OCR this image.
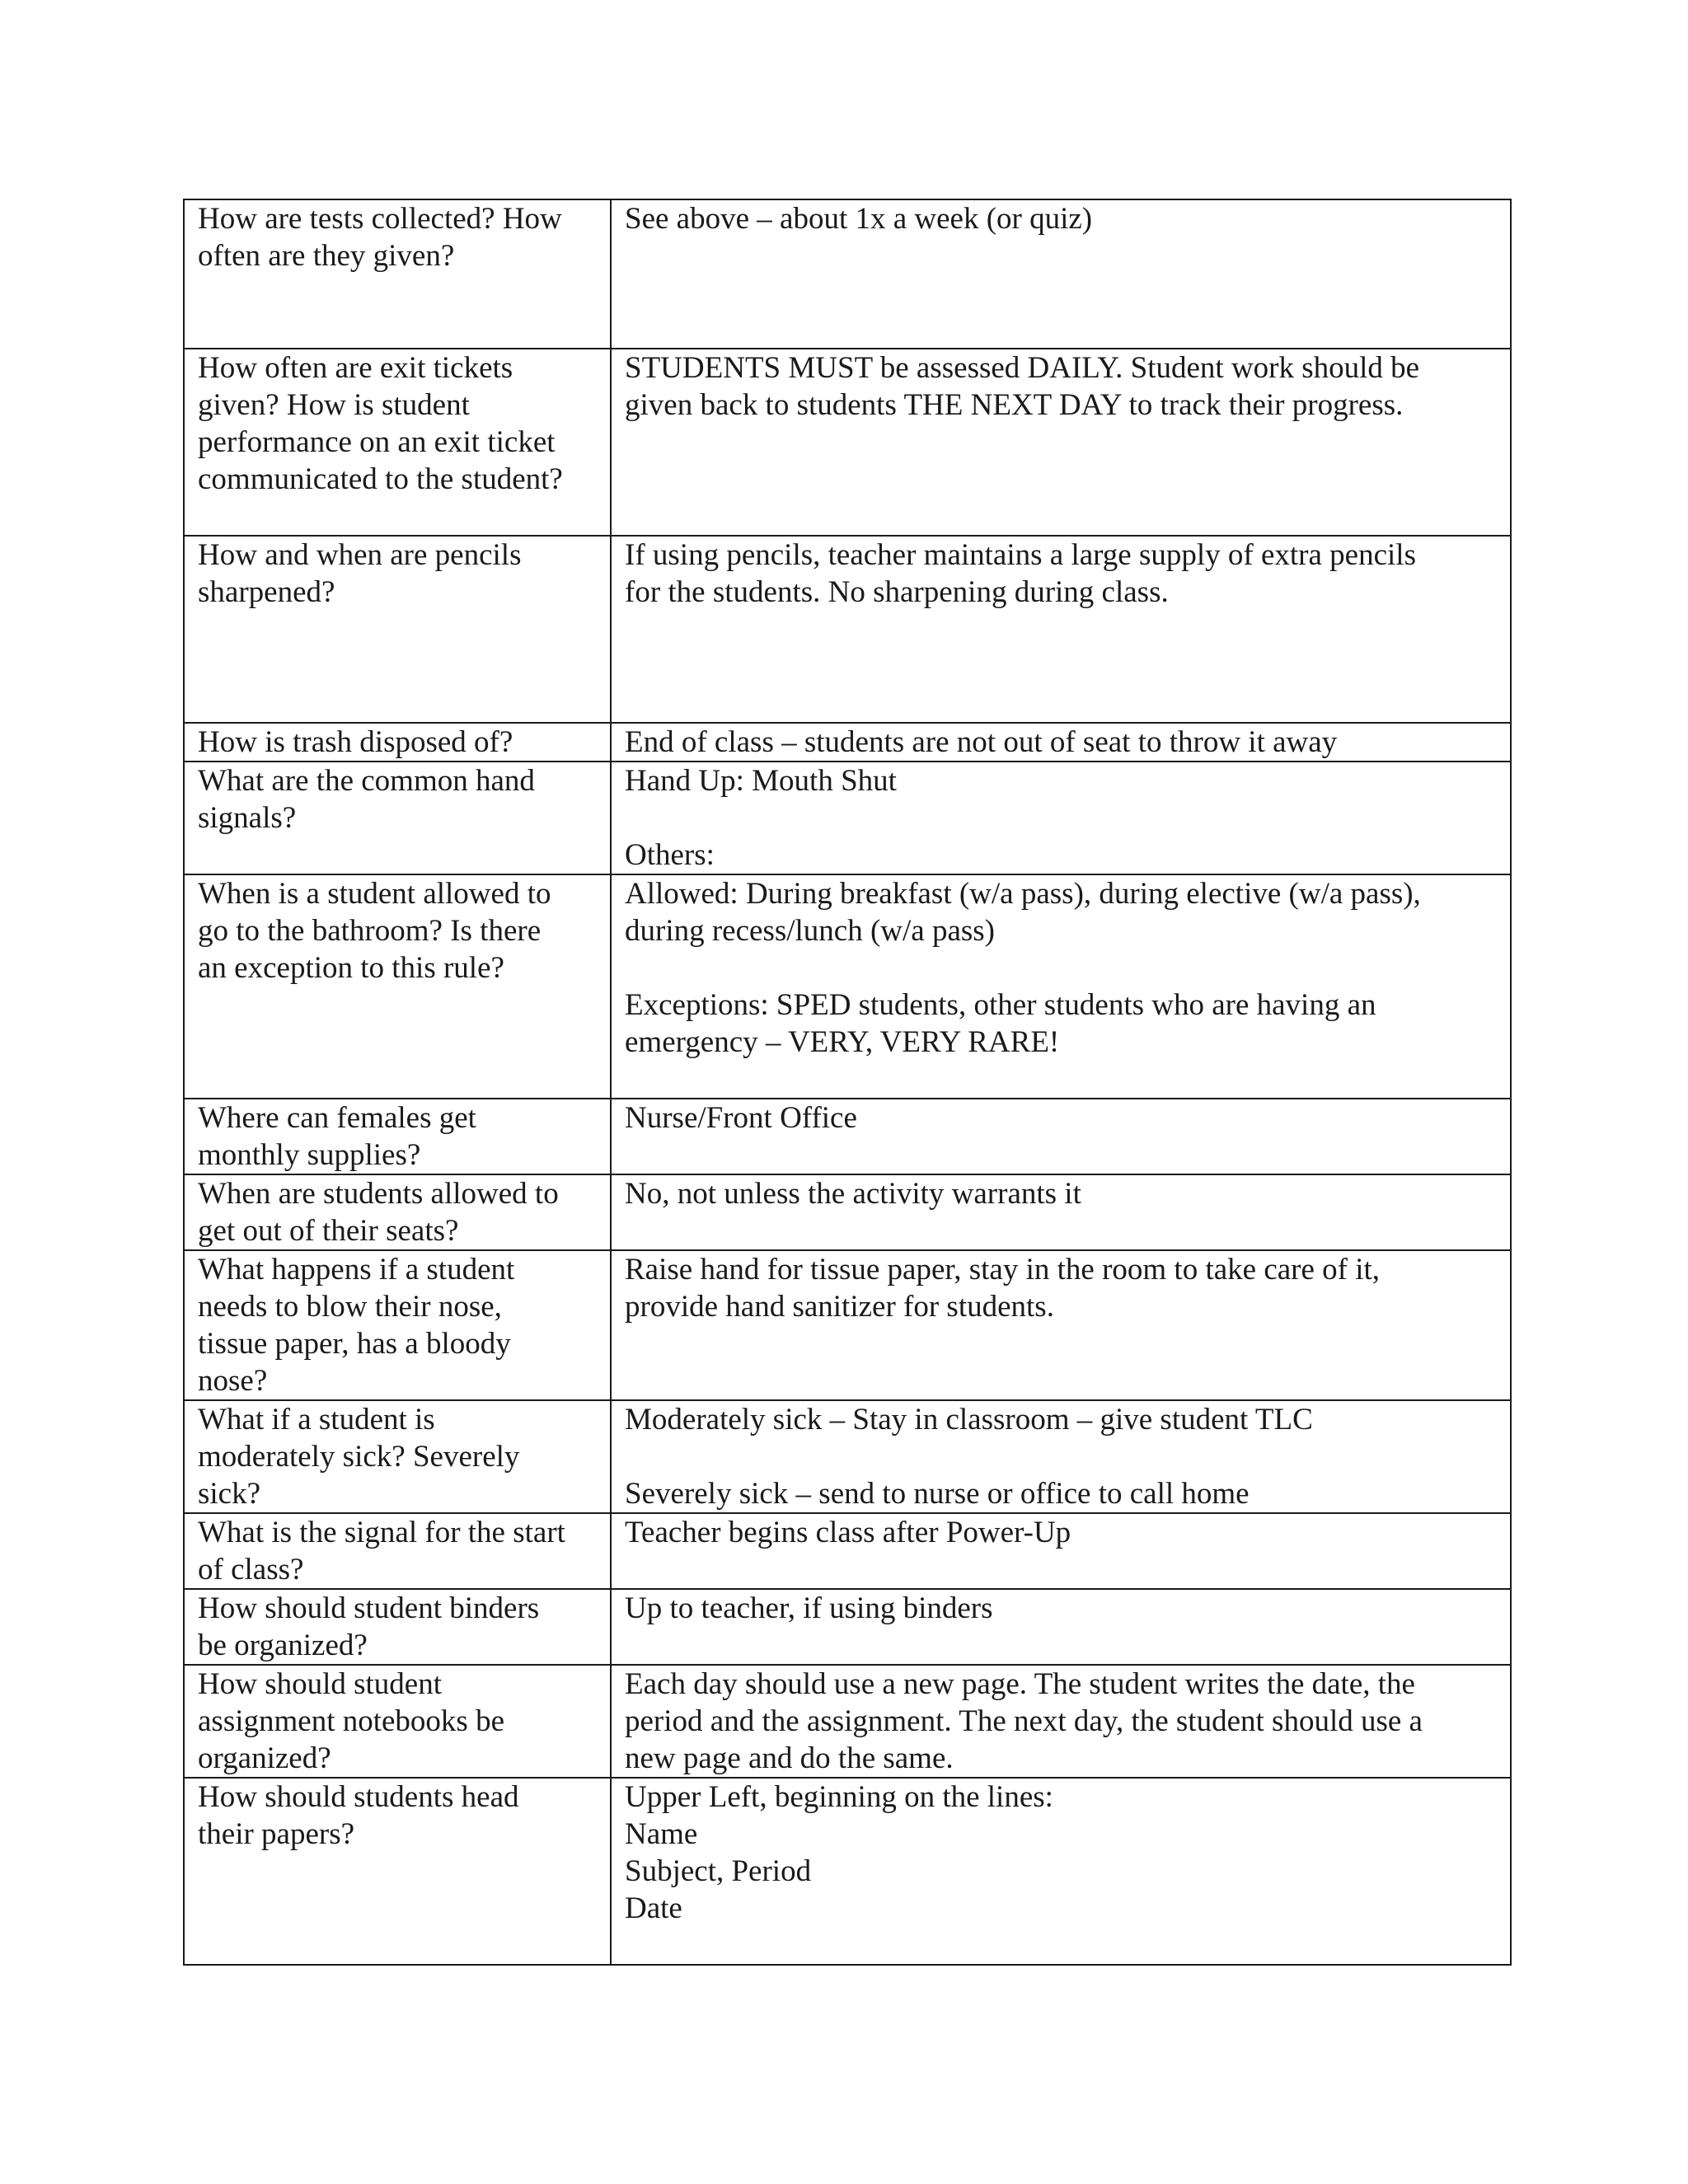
How are tests collected? How
often are they given?	See above – about 1x a week (or quiz)

How often are exit tickets
given? How is student
performance on an exit ticket
communicated to the student?	STUDENTS MUST be assessed DAILY. Student work should be
given back to students THE NEXT DAY to track their progress.

How and when are pencils
sharpened?	If using pencils, teacher maintains a large supply of extra pencils
for the students. No sharpening during class.

How is trash disposed of?	End of class – students are not out of seat to throw it away

What are the common hand
signals?	Hand Up: Mouth Shut
Others:

When is a student allowed to
go to the bathroom? Is there
an exception to this rule?	Allowed: During breakfast (w/a pass), during elective (w/a pass),
during recess/lunch (w/a pass)
Exceptions: SPED students, other students who are having an
emergency – VERY, VERY RARE!

Where can females get
monthly supplies?	Nurse/Front Office

When are students allowed to
get out of their seats?	No, not unless the activity warrants it

What happens if a student
needs to blow their nose,
tissue paper, has a bloody
nose?	Raise hand for tissue paper, stay in the room to take care of it,
provide hand sanitizer for students.

What if a student is
moderately sick? Severely
sick?	Moderately sick – Stay in classroom – give student TLC
Severely sick – send to nurse or office to call home

What is the signal for the start
of class?	Teacher begins class after Power-Up

How should student binders
be organized?	Up to teacher, if using binders

How should student
assignment notebooks be
organized?	Each day should use a new page. The student writes the date, the
period and the assignment. The next day, the student should use a
new page and do the same.

How should students head
their papers?	Upper Left, beginning on the lines:
Name
Subject, Period
Date
